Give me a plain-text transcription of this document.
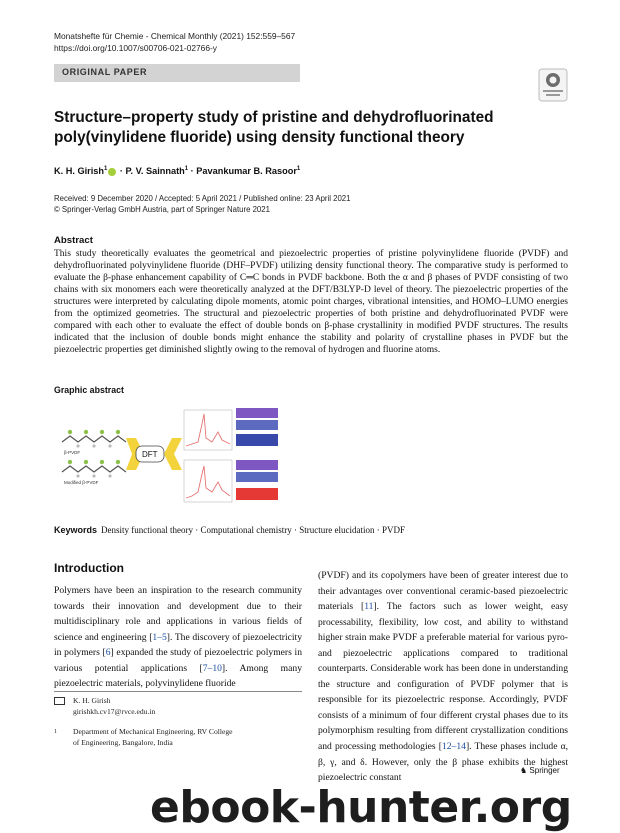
Monatshefte für Chemie - Chemical Monthly (2021) 152:559–567
https://doi.org/10.1007/s00706-021-02766-y
ORIGINAL PAPER
Structure–property study of pristine and dehydrofluorinated
poly(vinylidene fluoride) using density functional theory
K. H. Girish$^1$ · P. V. Sainnath$^1$ · Pavankumar B. Rasoor$^1$
Received: 9 December 2020 / Accepted: 5 April 2021 / Published online: 23 April 2021
© Springer-Verlag GmbH Austria, part of Springer Nature 2021
Abstract
This study theoretically evaluates the geometrical and piezoelectric properties of pristine polyvinylidene fluoride (PVDF) and dehydrofluorinated polyvinylidene fluoride (DHF–PVDF) utilizing density functional theory. The comparative study is performed to evaluate the β-phase enhancement capability of C═C bonds in PVDF backbone. Both the α and β phases of PVDF consisting of two chains with six monomers each were theoretically analyzed at the DFT/B3LYP-D level of theory. The piezoelectric properties of the structures were interpreted by calculating dipole moments, atomic point charges, vibrational intensities, and HOMO–LUMO energies from the optimized geometries. The structural and piezoelectric properties of both pristine and dehydrofluorinated PVDF were compared with each other to evaluate the effect of double bonds on β-phase crystallinity in modified PVDF structures. The results indicated that the inclusion of double bonds might enhance the stability and polarity of crystalline phases in PVDF but the piezoelectric properties get diminished slightly owing to the removal of hydrogen and fluorine atoms.
Graphic abstract
β-PVDF
Modified β-PVDF
DFT
Keywords Density functional theory · Computational chemistry · Structure elucidation · PVDF
Introduction
Polymers have been an inspiration to the research community towards their innovation and development due to their multidisciplinary role and applications in various fields of science and engineering [1–5]. The discovery of piezoelectricity in polymers [6] expanded the study of piezoelectric polymers in various potential applications [7–10]. Among many piezoelectric materials, polyvinylidene fluoride
(PVDF) and its copolymers have been of greater interest due to their advantages over conventional ceramic-based piezoelectric materials [11]. The factors such as lower weight, easy processability, flexibility, low cost, and ability to withstand higher strain make PVDF a preferable material for various pyro- and piezoelectric applications compared to traditional counterparts. Considerable work has been done in understanding the structure and configuration of PVDF polymer that is responsible for its piezoelectric response. Accordingly, PVDF consists of a minimum of four different crystal phases due to its polymorphism resulting from different crystallization conditions and processing methodologies [12–14]. These phases include α, β, γ, and δ. However, only the β phase exhibits the highest piezoelectric constant
K. H. Girish
girishkh.cv17@rvce.edu.in
1	Department of Mechanical Engineering, RV College
of Engineering, Bangalore, India
♞ Springer
ebook-hunter.org
